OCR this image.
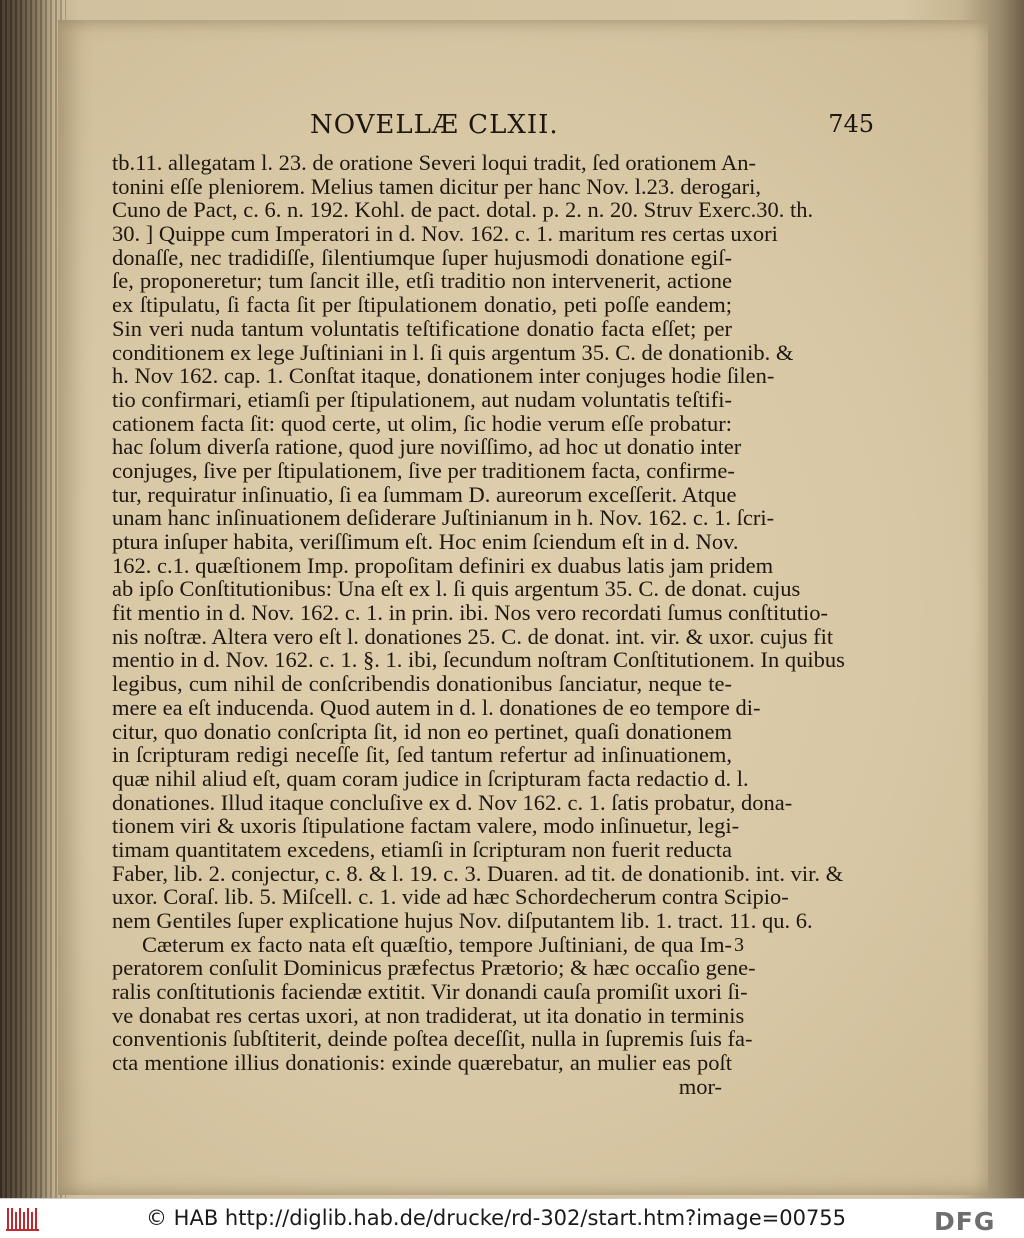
NOVELLÆ CLXII.	745
tb.11. allegatam l. 23. de oratione Severi loqui tradit, ſed orationem An-
tonini eſſe pleniorem. Melius tamen dicitur per hanc Nov. l.23. derogari,
Cuno de Pact, c. 6. n. 192. Kohl. de pact. dotal. p. 2. n. 20. Struv Exerc.30. th.
30. ] Quippe cum Imperatori in d. Nov. 162. c. 1. maritum res certas uxori
donaſſe, nec tradidiſſe, ſilentiumque ſuper hujusmodi donatione egiſ-
ſe, proponeretur; tum ſancit ille, etſi traditio non intervenerit, actione
ex ſtipulatu, ſi facta ſit per ſtipulationem donatio, peti poſſe eandem;
Sin veri nuda tantum voluntatis teſtificatione donatio facta eſſet; per
conditionem ex lege Juſtiniani in l. ſi quis argentum 35. C. de donationib. &
h. Nov 162. cap. 1. Conſtat itaque, donationem inter conjuges hodie ſilen-
tio confirmari, etiamſi per ſtipulationem, aut nudam voluntatis teſtifi-
cationem facta ſit: quod certe, ut olim, ſic hodie verum eſſe probatur:
hac ſolum diverſa ratione, quod jure noviſſimo, ad hoc ut donatio inter
conjuges, ſive per ſtipulationem, ſive per traditionem facta, confirme-
tur, requiratur inſinuatio, ſi ea ſummam D. aureorum exceſſerit. Atque
unam hanc inſinuationem deſiderare Juſtinianum in h. Nov. 162. c. 1. ſcri-
ptura inſuper habita, veriſſimum eſt. Hoc enim ſciendum eſt in d. Nov.
162. c.1. quæſtionem Imp. propoſitam definiri ex duabus latis jam pridem
ab ipſo Conſtitutionibus: Una eſt ex l. ſi quis argentum 35. C. de donat. cujus
fit mentio in d. Nov. 162. c. 1. in prin. ibi. Nos vero recordati ſumus conſtitutio-
nis noſtræ. Altera vero eſt l. donationes 25. C. de donat. int. vir. & uxor. cujus fit
mentio in d. Nov. 162. c. 1. §. 1. ibi, ſecundum noſtram Conſtitutionem. In quibus
legibus, cum nihil de conſcribendis donationibus ſanciatur, neque te-
mere ea eſt inducenda. Quod autem in d. l. donationes de eo tempore di-
citur, quo donatio conſcripta ſit, id non eo pertinet, quaſi donationem
in ſcripturam redigi neceſſe ſit, ſed tantum refertur ad inſinuationem,
quæ nihil aliud eſt, quam coram judice in ſcripturam facta redactio d. l.
donationes. Illud itaque concluſive ex d. Nov 162. c. 1. ſatis probatur, dona-
tionem viri & uxoris ſtipulatione factam valere, modo inſinuetur, legi-
timam quantitatem excedens, etiamſi in ſcripturam non fuerit reducta
Faber, lib. 2. conjectur, c. 8. & l. 19. c. 3. Duaren. ad tit. de donationib. int. vir. &
uxor. Coraſ. lib. 5. Miſcell. c. 1. vide ad hæc Schordecherum contra Scipio-
nem Gentiles ſuper explicatione hujus Nov. diſputantem lib. 1. tract. 11. qu. 6.
Cæterum ex facto nata eſt quæſtio, tempore Juſtiniani, de qua Im-
peratorem conſulit Dominicus præfectus Prætorio; & hæc occaſio gene-
ralis conſtitutionis faciendæ extitit. Vir donandi cauſa promiſit uxori ſi-
ve donabat res certas uxori, at non tradiderat, ut ita donatio in terminis
conventionis ſubſtiterit, deinde poſtea deceſſit, nulla in ſupremis ſuis fa-
cta mentione illius donationis: exinde quærebatur, an mulier eas poſt
mor-
3
© HAB http://diglib.hab.de/drucke/rd-302/start.htm?image=00755	DFG
